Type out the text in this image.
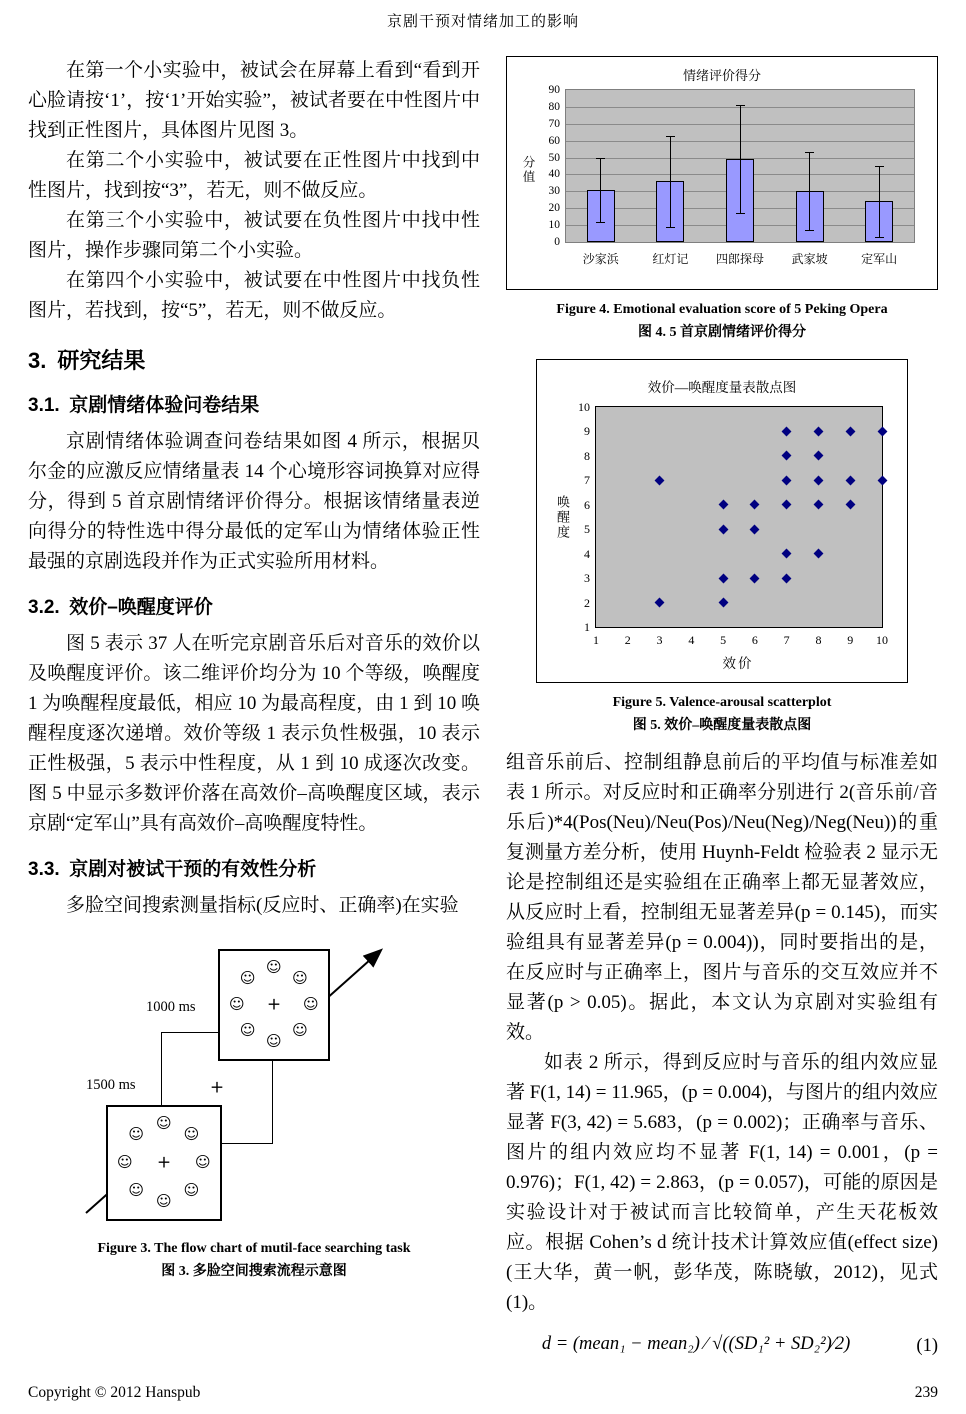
京剧干预对情绪加工的影响

在第一个小实验中，被试会在屏幕上看到“看到开心脸请按‘1’，按‘1’开始实验”，被试者要在中性图片中找到正性图片，具体图片见图 3。

在第二个小实验中，被试要在正性图片中找到中性图片，找到按“3”，若无，则不做反应。

在第三个小实验中，被试要在负性图片中找中性图片，操作步骤同第二个小实验。

在第四个小实验中，被试要在中性图片中找负性图片，若找到，按“5”，若无，则不做反应。

3. 研究结果
3.1. 京剧情绪体验问卷结果

京剧情绪体验调查问卷结果如图 4 所示，根据贝尔金的应激反应情绪量表 14 个心境形容词换算对应得分，得到 5 首京剧情绪评价得分。根据该情绪量表逆向得分的特性选中得分最低的定军山为情绪体验正性最强的京剧选段并作为正式实验所用材料。

3.2. 效价–唤醒度评价

图 5 表示 37 人在听完京剧音乐后对音乐的效价以及唤醒度评价。该二维评价均分为 10 个等级，唤醒度 1 为唤醒程度最低，相应 10 为最高程度，由 1 到 10 唤醒程度逐次递增。效价等级 1 表示负性极强，10 表示正性极强，5 表示中性程度，从 1 到 10 成逐次改变。图 5 中显示多数评价落在高效价–高唤醒度区域，表示京剧“定军山”具有高效价–高唤醒度特性。

3.3. 京剧对被试干预的有效性分析

多脸空间搜索测量指标(反应时、正确率)在实验

☺
☺
☺
☺
☺
☺
☺
☺
+
+
☺
☺
☺
☺
☺
☺
☺
☺
+
1000 ms
1500 ms
Figure 3. The flow chart of mutil-face searching task
图 3. 多脸空间搜索流程示意图
情绪评价得分
分值
0
10
20
30
40
50
60
70
80
90
沙家浜	红灯记	四郎探母	武家坡	定军山
Figure 4. Emotional evaluation score of 5 Peking Opera
图 4. 5 首京剧情绪评价得分
效价—唤醒度量表散点图
唤醒度
1
2
3
4
5
6
7
8
9
10
1	2	3	4	5	6	7	8	9	10
效价
Figure 5. Valence-arousal scatterplot
图 5. 效价–唤醒度量表散点图

组音乐前后、控制组静息前后的平均值与标准差如表 1 所示。对反应时和正确率分别进行 2(音乐前/音乐后)*4(Pos(Neu)/Neu(Pos)/Neu(Neg)/Neg(Neu))的重复测量方差分析，使用 Huynh-Feldt 检验表 2 显示无论是控制组还是实验组在正确率上都无显著效应，从反应时上看，控制组无显著差异(p = 0.145)，而实验组具有显著差异(p = 0.004))，同时要指出的是，在反应时与正确率上，图片与音乐的交互效应并不显著(p > 0.05)。据此，本文认为京剧对实验组有效。

如表 2 所示，得到反应时与音乐的组内效应显著 F(1, 14) = 11.965，(p = 0.004)，与图片的组内效应显著 F(3, 42) = 5.683，(p = 0.002)；正确率与音乐、图片的组内效应均不显著 F(1, 14) = 0.001，(p = 0.976)；F(1, 42) = 2.863，(p = 0.057)，可能的原因是实验设计对于被试而言比较简单，产生天花板效应。根据 Cohen’s d 统计技术计算效应值(effect size)(王大华，黄一帆，彭华茂，陈晓敏，2012)，见式(1)。

d = (mean₁ − mean₂) ∕ √((SD₁² + SD₂²)∕2)	(1)
Copyright © 2012 Hanspub	239
